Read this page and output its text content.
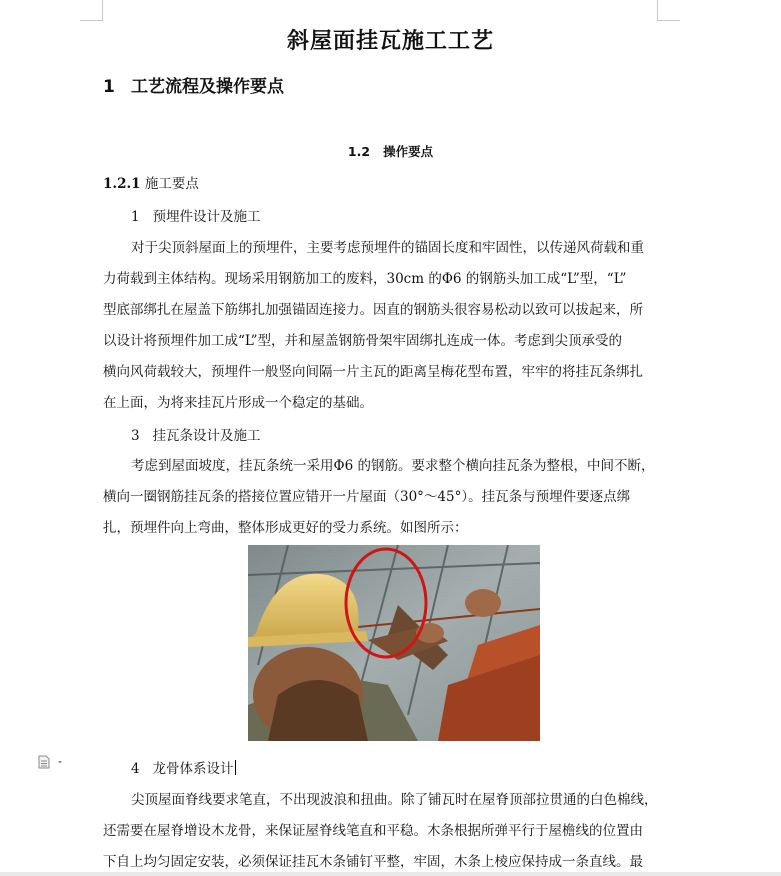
斜屋面挂瓦施工工艺
1 工艺流程及操作要点
1.2 操作要点
1.2.1 施工要点
1 预埋件设计及施工
对于尖顶斜屋面上的预埋件，主要考虑预埋件的锚固长度和牢固性，以传递风荷载和重
力荷载到主体结构。现场采用钢筋加工的废料，30cm 的Φ6 的钢筋头加工成“L”型，“L”
型底部绑扎在屋盖下筋绑扎加强锚固连接力。因直的钢筋头很容易松动以致可以拔起来，所
以设计将预埋件加工成“L”型，并和屋盖钢筋骨架牢固绑扎连成一体。考虑到尖顶承受的
横向风荷载较大，预埋件一般竖向间隔一片主瓦的距离呈梅花型布置，牢牢的将挂瓦条绑扎
在上面，为将来挂瓦片形成一个稳定的基础。
3 挂瓦条设计及施工
考虑到屋面坡度，挂瓦条统一采用Φ6 的钢筋。要求整个横向挂瓦条为整根，中间不断，
横向一圈钢筋挂瓦条的搭接位置应错开一片屋面（30°～45°）。挂瓦条与预埋件要逐点绑
扎，预埋件向上弯曲，整体形成更好的受力系统。如图所示：
4 龙骨体系设计
尖顶屋面脊线要求笔直，不出现波浪和扭曲。除了铺瓦时在屋脊顶部拉贯通的白色棉线，
还需要在屋脊增设木龙骨，来保证屋脊线笔直和平稳。木条根据所弹平行于屋檐线的位置由
下自上均匀固定安装，必须保证挂瓦木条铺钉平整，牢固，木条上棱应保持成一条直线。最
